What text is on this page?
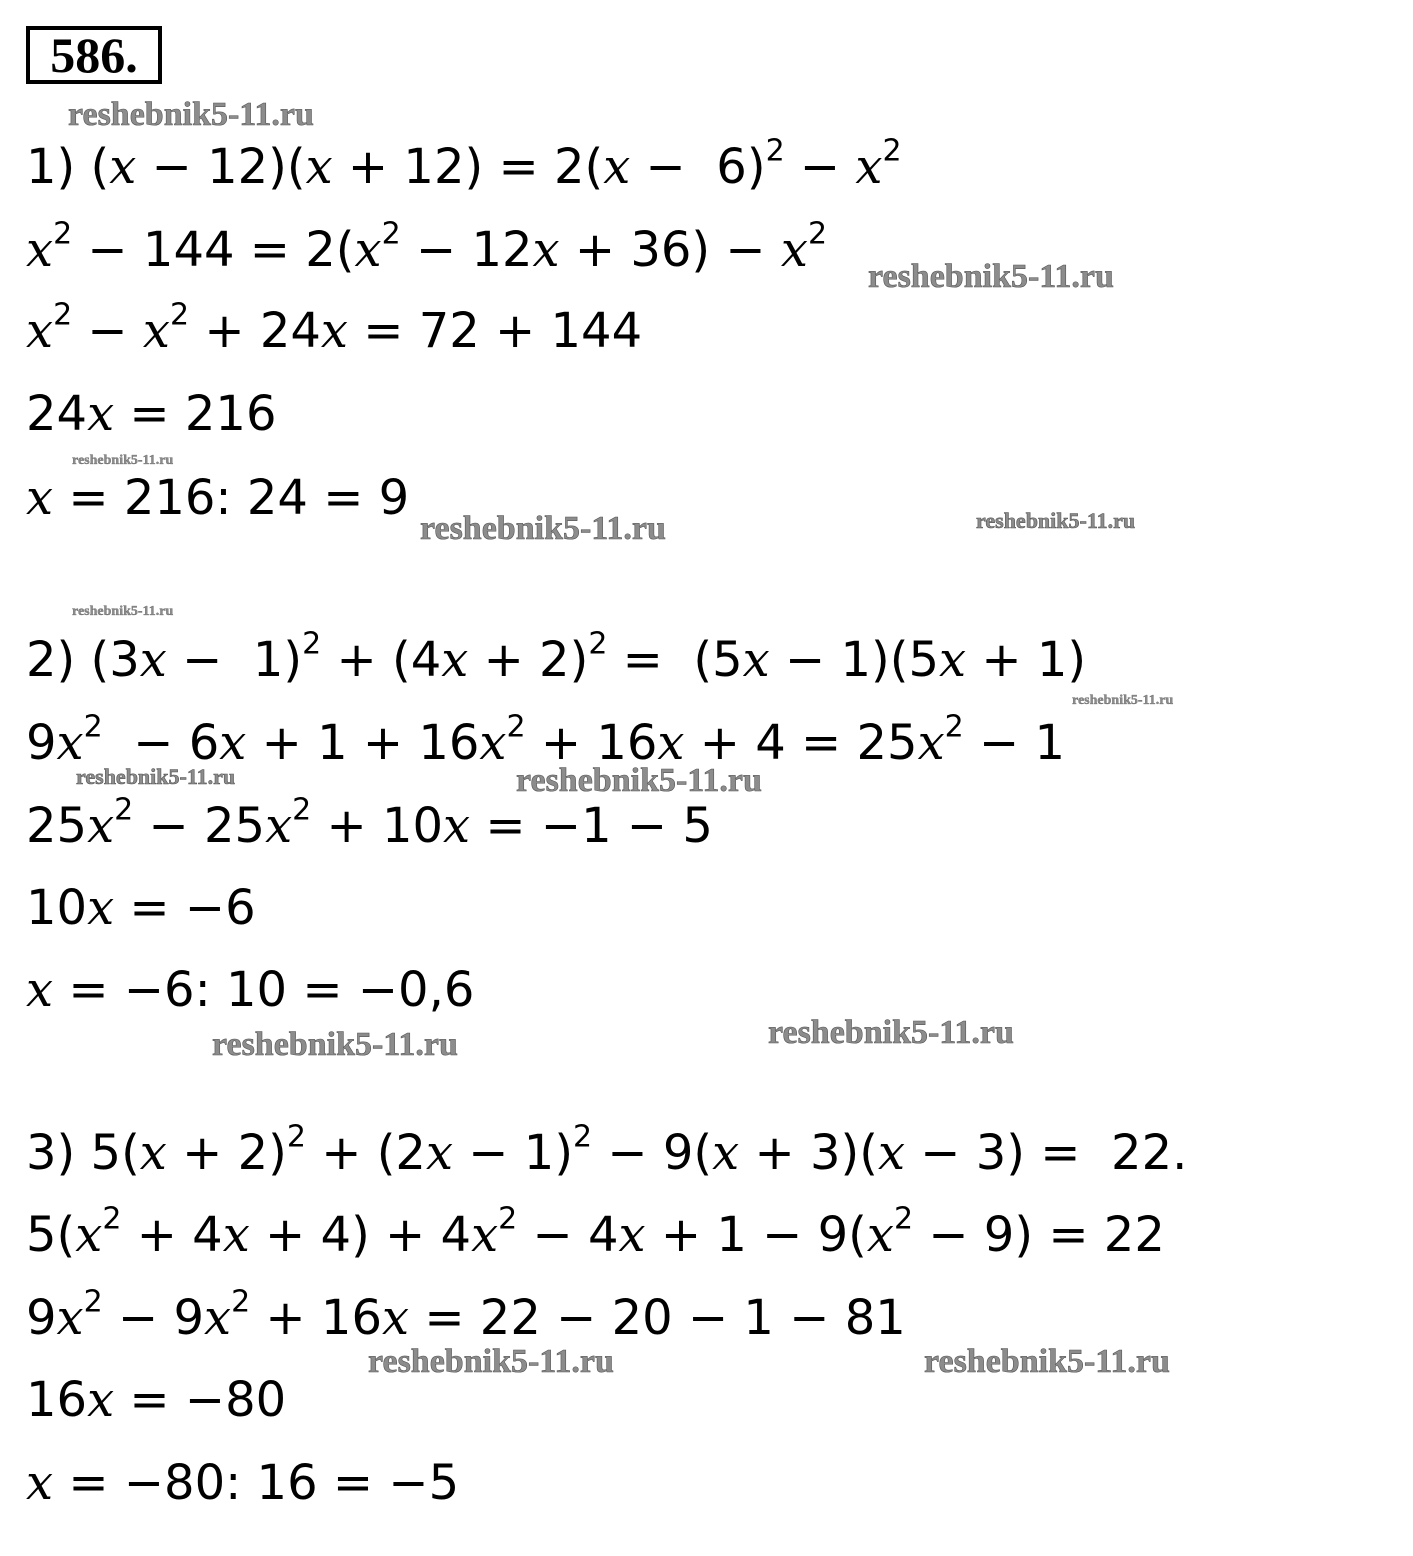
586.
1) $(x - 12)(x + 12) = 2(x - 6)^2 - x^2$
$x^2 - 144 = 2(x^2 - 12x + 36) - x^2$
$x^2 - x^2 + 24x = 72 + 144$
24x = 216
x = 216: 24 = 9
2) $(3x - 1)^2 + (4x + 2)^2 = (5x - 1)(5x + 1)$
$9x^2 - 6x + 1 + 16x^2 + 16x + 4 = 25x^2 - 1$
$25x^2 - 25x^2 + 10x = -1 - 5$
10x = −6
x = −6: 10 = −0,6
3) $5(x + 2)^2 + (2x - 1)^2 - 9(x + 3)(x - 3) = 22$.
$5(x^2 + 4x + 4) + 4x^2 - 4x + 1 - 9(x^2 - 9) = 22$
$9x^2 - 9x^2 + 16x = 22 - 20 - 1 - 81$
16x = −80
x = −80: 16 = −5
reshebnik5-11.ru
reshebnik5-11.ru
reshebnik5-11.ru
reshebnik5-11.ru	reshebnik5-11.ru
reshebnik5-11.ru
reshebnik5-11.ru
reshebnik5-11.ru	reshebnik5-11.ru
reshebnik5-11.ru
reshebnik5-11.ru
reshebnik5-11.ru	reshebnik5-11.ru
